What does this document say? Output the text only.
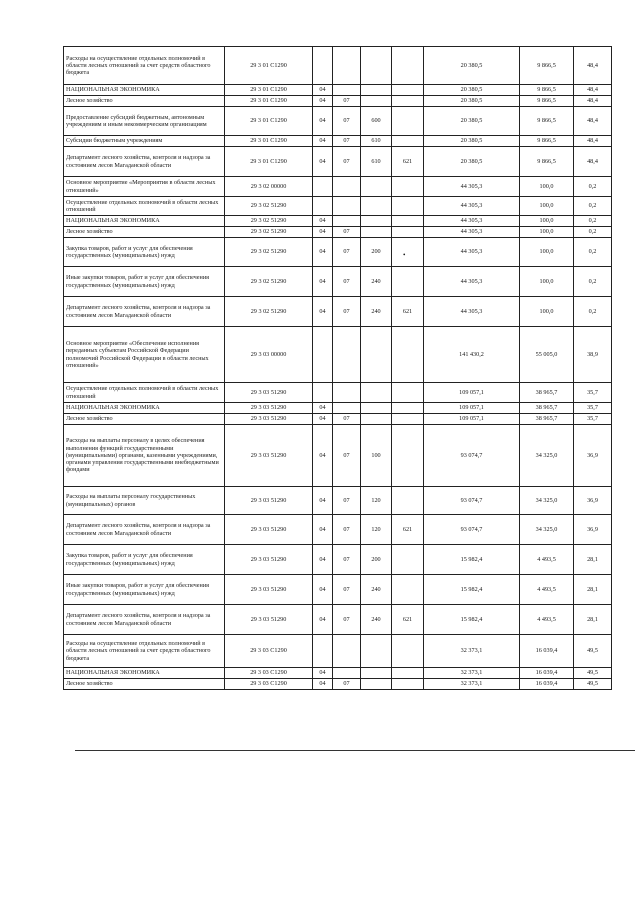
Расходы на осуществление отдельных полномочий в области лесных отношений за счет средств областного бюджета	29 3 01 С1290					20 380,5	9 866,5	48,4
НАЦИОНАЛЬНАЯ ЭКОНОМИКА	29 3 01 С1290	04				20 380,5	9 866,5	48,4
Лесное хозяйство	29 3 01 С1290	04	07			20 380,5	9 866,5	48,4
Предоставление субсидий бюджетным, автономным учреждениям и иным некоммерческим организациям	29 3 01 С1290	04	07	600		20 380,5	9 866,5	48,4
Субсидии бюджетным учреждениям	29 3 01 С1290	04	07	610		20 380,5	9 866,5	48,4
Департамент лесного хозяйства, контроля и надзора за состоянием лесов Магаданской области	29 3 01 С1290	04	07	610	621	20 380,5	9 866,5	48,4
Основное мероприятие «Мероприятия в области лесных отношений»	29 3 02 00000					44 305,3	100,0	0,2
Осуществление отдельных полномочий в области лесных отношений	29 3 02 51290					44 305,3	100,0	0,2
НАЦИОНАЛЬНАЯ ЭКОНОМИКА	29 3 02 51290	04				44 305,3	100,0	0,2
Лесное хозяйство	29 3 02 51290	04	07			44 305,3	100,0	0,2
Закупка товаров, работ и услуг для обеспечения государственных (муниципальных) нужд	29 3 02 51290	04	07	200		44 305,3	100,0	0,2
Иные закупки товаров, работ и услуг для обеспечения государственных (муниципальных) нужд	29 3 02 51290	04	07	240		44 305,3	100,0	0,2
Департамент лесного хозяйства, контроля и надзора за состоянием лесов Магаданской области	29 3 02 51290	04	07	240	621	44 305,3	100,0	0,2
Основное мероприятие «Обеспечение исполнения переданных субъектам Российской Федерации полномочий Российской Федерации в области лесных отношений»	29 3 03 00000					141 430,2	55 005,0	38,9
Осуществление отдельных полномочий в области лесных отношений	29 3 03 51290					109 057,1	38 965,7	35,7
НАЦИОНАЛЬНАЯ ЭКОНОМИКА	29 3 03 51290	04				109 057,1	38 965,7	35,7
Лесное хозяйство	29 3 03 51290	04	07			109 057,1	38 965,7	35,7
Расходы на выплаты персоналу в целях обеспечения выполнения функций государственными (муниципальными) органами, казенными учреждениями, органами управления государственными внебюджетными фондами	29 3 03 51290	04	07	100		93 074,7	34 325,0	36,9
Расходы на выплаты персоналу государственных (муниципальных) органов	29 3 03 51290	04	07	120		93 074,7	34 325,0	36,9
Департамент лесного хозяйства, контроля и надзора за состоянием лесов Магаданской области	29 3 03 51290	04	07	120	621	93 074,7	34 325,0	36,9
Закупка товаров, работ и услуг для обеспечения государственных (муниципальных) нужд	29 3 03 51290	04	07	200		15 982,4	4 493,5	28,1
Иные закупки товаров, работ и услуг для обеспечения государственных (муниципальных) нужд	29 3 03 51290	04	07	240		15 982,4	4 493,5	28,1
Департамент лесного хозяйства, контроля и надзора за состоянием лесов Магаданской области	29 3 03 51290	04	07	240	621	15 982,4	4 493,5	28,1
Расходы на осуществление отдельных полномочий в области лесных отношений за счет средств областного бюджета	29 3 03 С1290					32 373,1	16 039,4	49,5
НАЦИОНАЛЬНАЯ ЭКОНОМИКА	29 3 03 С1290	04				32 373,1	16 039,4	49,5
Лесное хозяйство	29 3 03 С1290	04	07			32 373,1	16 039,4	49,5
•
